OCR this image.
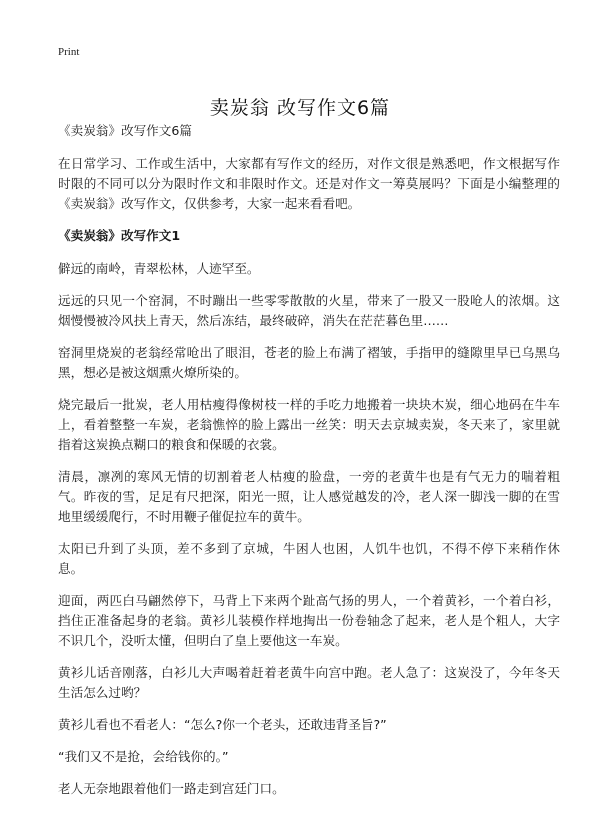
Print
卖炭翁 改写作文6篇

《卖炭翁》改写作文6篇

在日常学习、工作或生活中，大家都有写作文的经历，对作文很是熟悉吧，作文根据写作时限的不同可以分为限时作文和非限时作文。还是对作文一筹莫展吗？下面是小编整理的《卖炭翁》改写作文，仅供参考，大家一起来看看吧。

《卖炭翁》改写作文1

僻远的南岭，青翠松林，人迹罕至。

远远的只见一个窑洞，不时蹦出一些零零散散的火星，带来了一股又一股呛人的浓烟。这烟慢慢被冷风扶上青天，然后冻结，最终破碎，消失在茫茫暮色里……

窑洞里烧炭的老翁经常呛出了眼泪，苍老的脸上布满了褶皱，手指甲的缝隙里早已乌黑乌黑，想必是被这烟熏火燎所染的。

烧完最后一批炭，老人用枯瘦得像树枝一样的手吃力地搬着一块块木炭，细心地码在牛车上，看着整整一车炭，老翁憔悴的脸上露出一丝笑：明天去京城卖炭，冬天来了，家里就指着这炭换点糊口的粮食和保暖的衣裳。

清晨，凛冽的寒风无情的切割着老人枯瘦的脸盘，一旁的老黄牛也是有气无力的喘着粗气。昨夜的雪，足足有尺把深，阳光一照，让人感觉越发的冷，老人深一脚浅一脚的在雪地里缓缓爬行，不时用鞭子催促拉车的黄牛。

太阳已升到了头顶，差不多到了京城，牛困人也困，人饥牛也饥，不得不停下来稍作休息。

迎面，两匹白马翩然停下，马背上下来两个趾高气扬的男人，一个着黄衫，一个着白衫，挡住正准备起身的老翁。黄衫儿装模作样地掏出一份卷轴念了起来，老人是个粗人，大字不识几个，没听太懂，但明白了皇上要他这一车炭。

黄衫儿话音刚落，白衫儿大声喝着赶着老黄牛向宫中跑。老人急了：这炭没了，今年冬天生活怎么过哟？

黄衫儿看也不看老人：“怎么?你一个老头，还敢违背圣旨?”

“我们又不是抢，会给钱你的。”

老人无奈地跟着他们一路走到宫廷门口。
